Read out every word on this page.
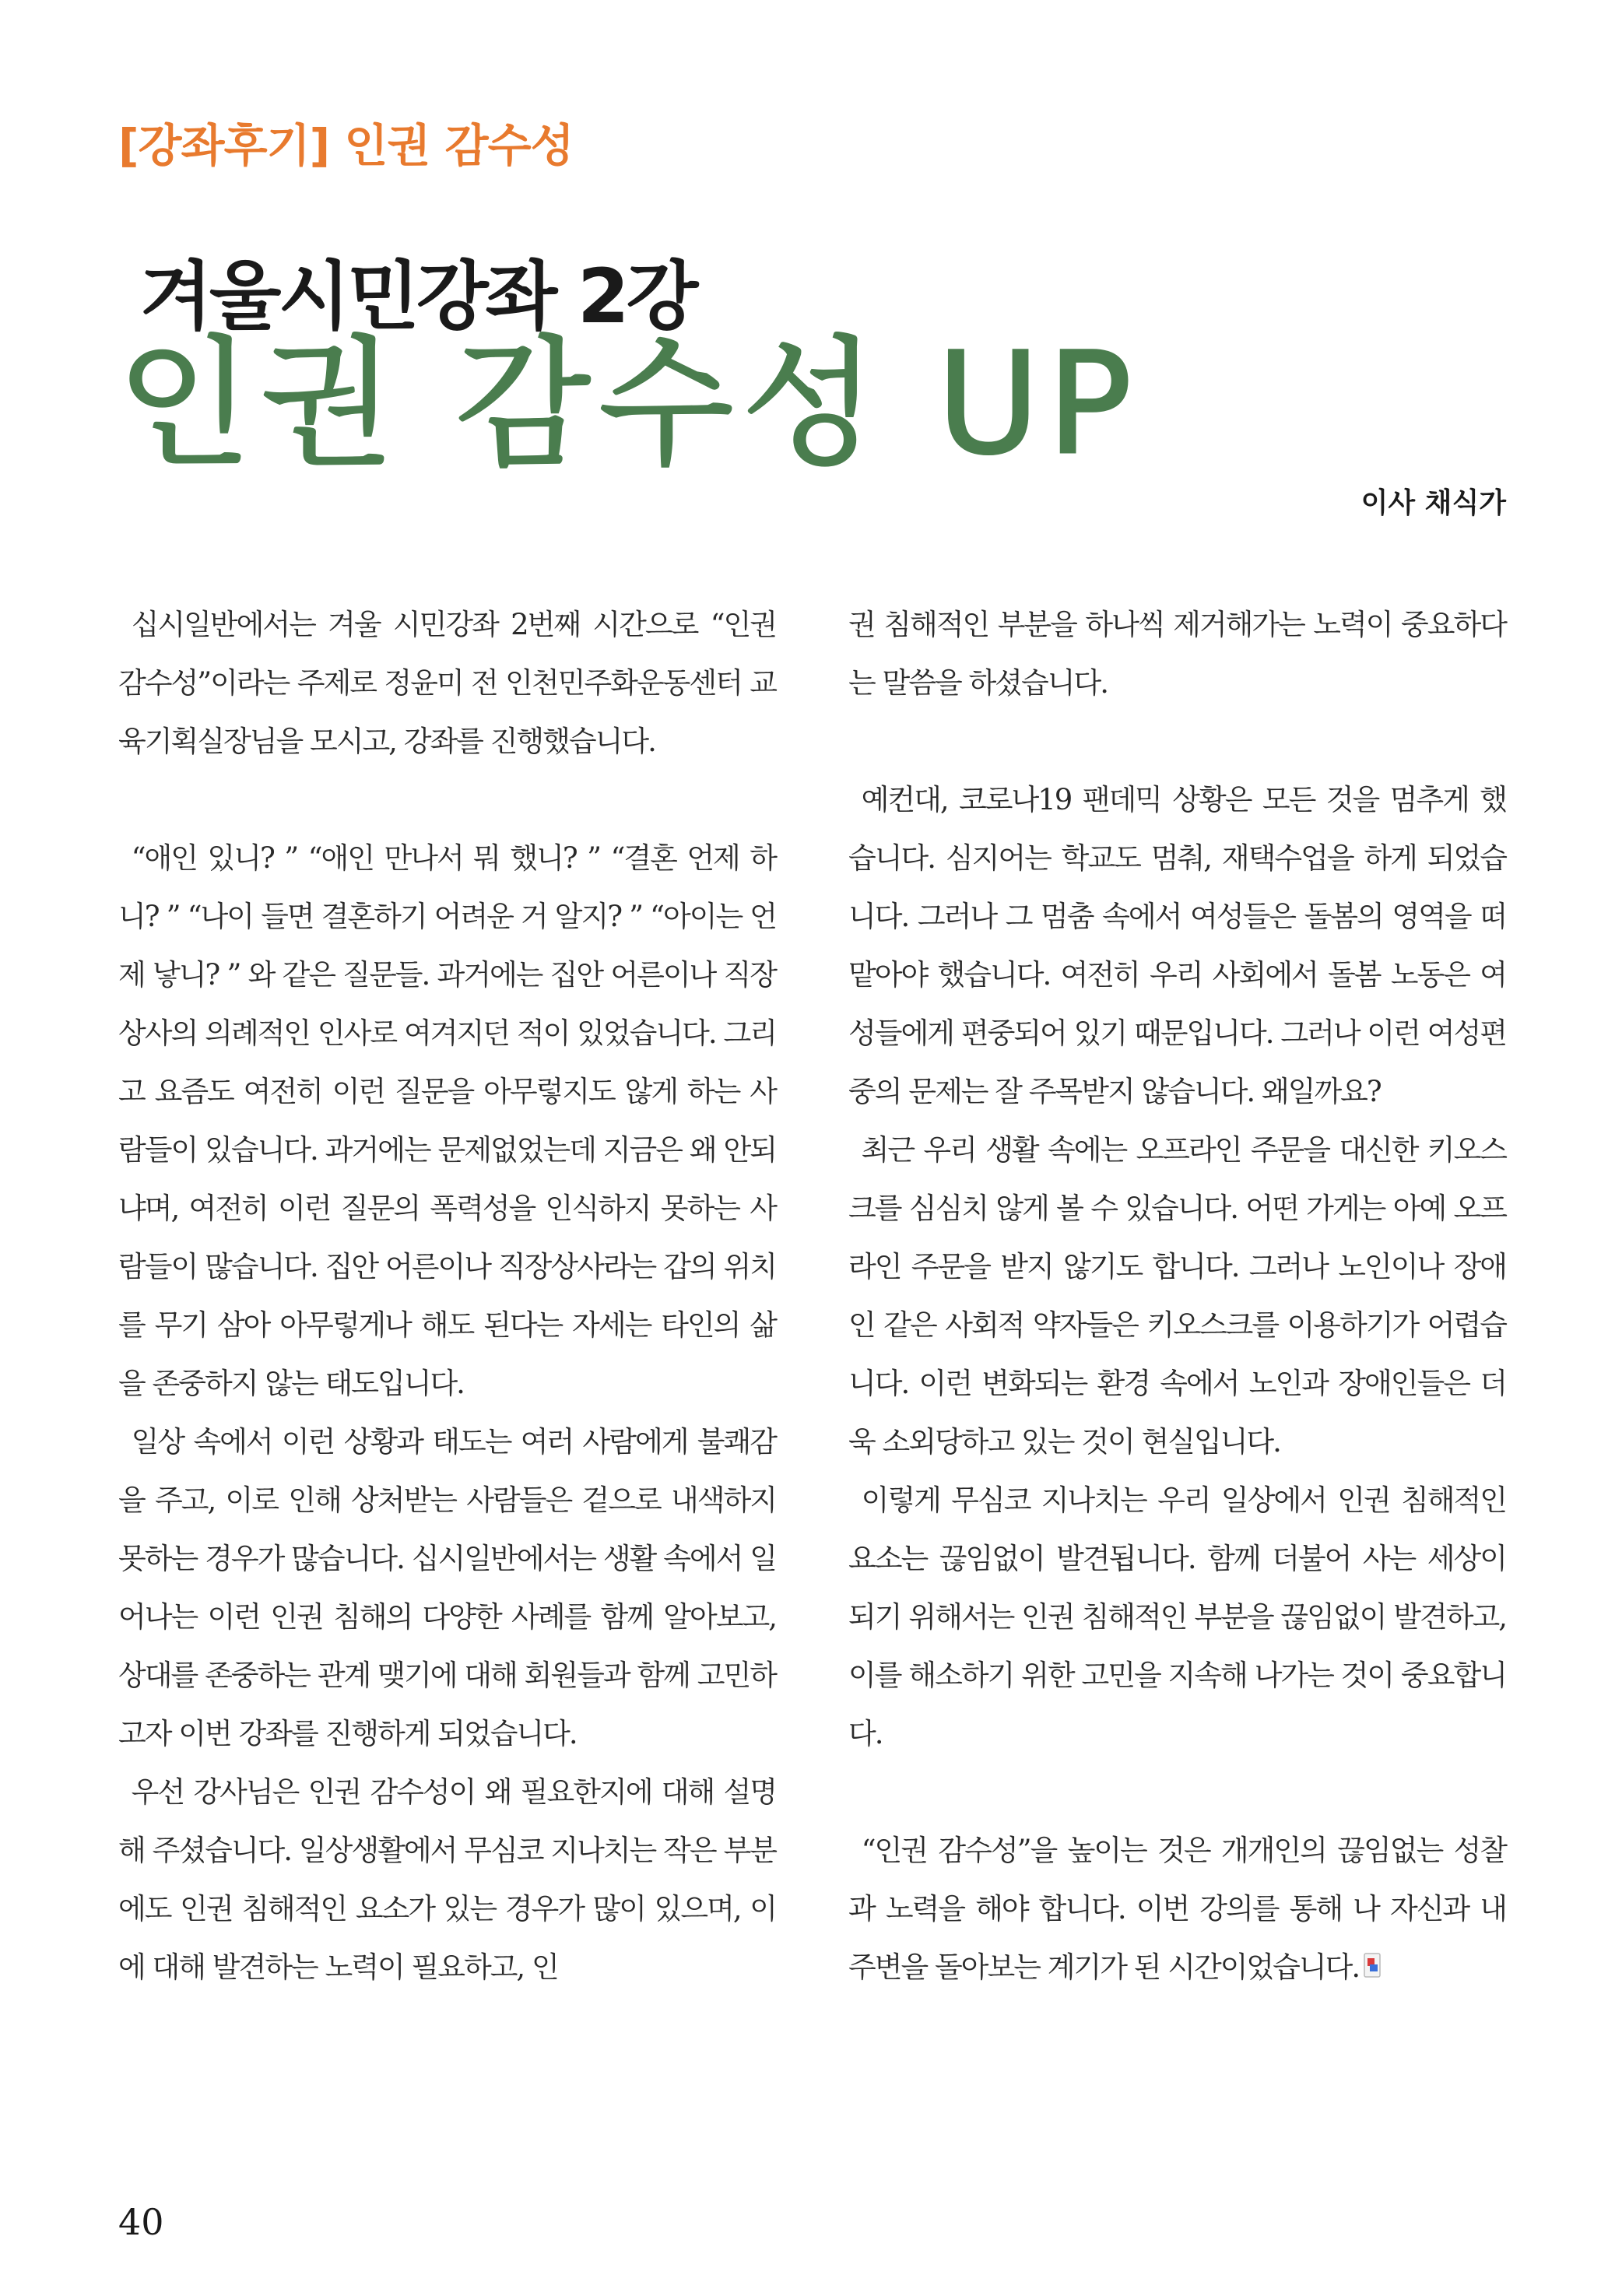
[강좌후기] 인권 감수성
겨울시민강좌 2강
인권 감수성 UP
이사 채식가

십시일반에서는 겨울 시민강좌 2번째 시간으로 “인권 감수성”이라는 주제로 정윤미 전 인천민주화운동센터 교육기획실장님을 모시고, 강좌를 진행했습니다.

“애인 있니? ” “애인 만나서 뭐 했니? ” “결혼 언제 하니? ” “나이 들면 결혼하기 어려운 거 알지? ” “아이는 언제 낳니? ” 와 같은 질문들. 과거에는 집안 어른이나 직장상사의 의례적인 인사로 여겨지던 적이 있었습니다. 그리고 요즘도 여전히 이런 질문을 아무렇지도 않게 하는 사람들이 있습니다. 과거에는 문제없었는데 지금은 왜 안되냐며, 여전히 이런 질문의 폭력성을 인식하지 못하는 사람들이 많습니다. 집안 어른이나 직장상사라는 갑의 위치를 무기 삼아 아무렇게나 해도 된다는 자세는 타인의 삶을 존중하지 않는 태도입니다.

일상 속에서 이런 상황과 태도는 여러 사람에게 불쾌감을 주고, 이로 인해 상처받는 사람들은 겉으로 내색하지 못하는 경우가 많습니다. 십시일반에서는 생활 속에서 일어나는 이런 인권 침해의 다양한 사례를 함께 알아보고, 상대를 존중하는 관계 맺기에 대해 회원들과 함께 고민하고자 이번 강좌를 진행하게 되었습니다.

우선 강사님은 인권 감수성이 왜 필요한지에 대해 설명해 주셨습니다. 일상생활에서 무심코 지나치는 작은 부분에도 인권 침해적인 요소가 있는 경우가 많이 있으며, 이에 대해 발견하는 노력이 필요하고, 인

권 침해적인 부분을 하나씩 제거해가는 노력이 중요하다는 말씀을 하셨습니다.

예컨대, 코로나19 팬데믹 상황은 모든 것을 멈추게 했습니다. 심지어는 학교도 멈춰, 재택수업을 하게 되었습니다. 그러나 그 멈춤 속에서 여성들은 돌봄의 영역을 떠맡아야 했습니다. 여전히 우리 사회에서 돌봄 노동은 여성들에게 편중되어 있기 때문입니다. 그러나 이런 여성편중의 문제는 잘 주목받지 않습니다. 왜일까요?

최근 우리 생활 속에는 오프라인 주문을 대신한 키오스크를 심심치 않게 볼 수 있습니다. 어떤 가게는 아예 오프라인 주문을 받지 않기도 합니다. 그러나 노인이나 장애인 같은 사회적 약자들은 키오스크를 이용하기가 어렵습니다. 이런 변화되는 환경 속에서 노인과 장애인들은 더욱 소외당하고 있는 것이 현실입니다.

이렇게 무심코 지나치는 우리 일상에서 인권 침해적인 요소는 끊임없이 발견됩니다. 함께 더불어 사는 세상이 되기 위해서는 인권 침해적인 부분을 끊임없이 발견하고, 이를 해소하기 위한 고민을 지속해 나가는 것이 중요합니다.

“인권 감수성”을 높이는 것은 개개인의 끊임없는 성찰과 노력을 해야 합니다. 이번 강의를 통해 나 자신과 내 주변을 돌아보는 계기가 된 시간이었습니다.

40
